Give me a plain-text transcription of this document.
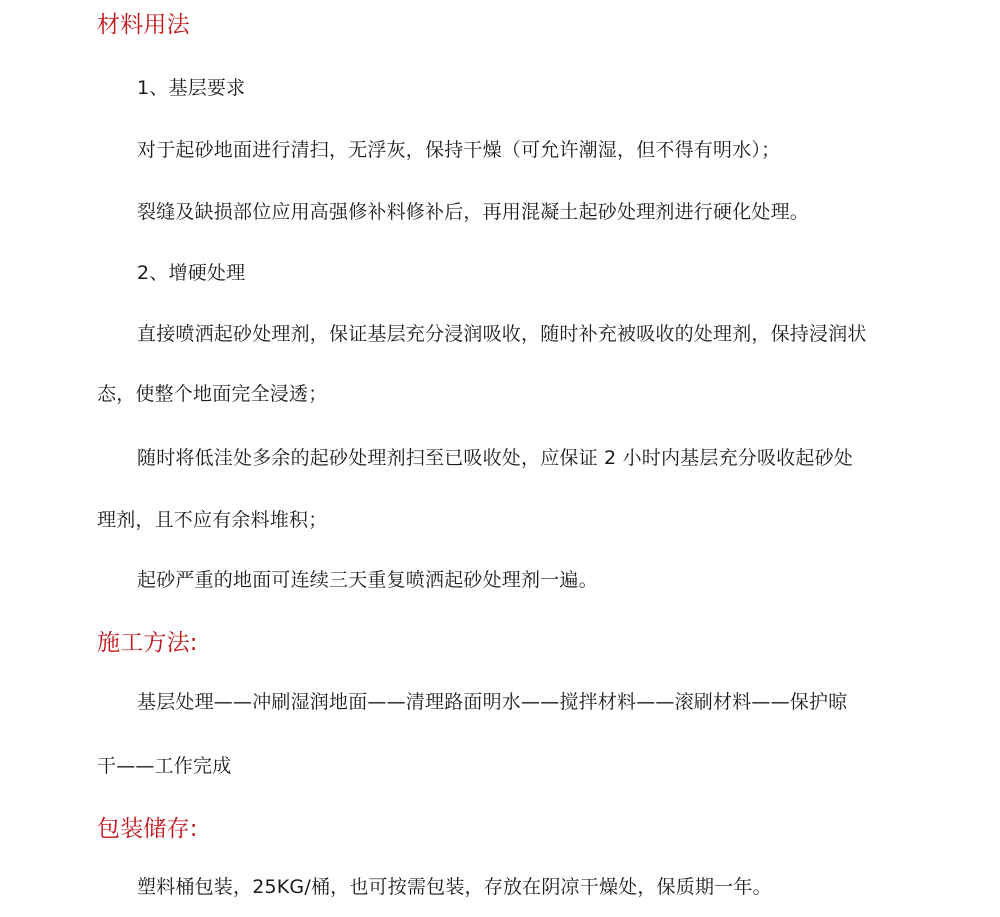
材料用法
1、基层要求
对于起砂地面进行清扫，无浮灰，保持干燥（可允许潮湿，但不得有明水）；
裂缝及缺损部位应用高强修补料修补后，再用混凝土起砂处理剂进行硬化处理。
2、增硬处理
直接喷洒起砂处理剂，保证基层充分浸润吸收，随时补充被吸收的处理剂，保持浸润状
态，使整个地面完全浸透；
随时将低洼处多余的起砂处理剂扫至已吸收处，应保证 2 小时内基层充分吸收起砂处
理剂，且不应有余料堆积；
起砂严重的地面可连续三天重复喷洒起砂处理剂一遍。
施工方法:
基层处理——冲刷湿润地面——清理路面明水——搅拌材料——滚刷材料——保护晾
干——工作完成
包装储存:
塑料桶包装，25KG/桶，也可按需包装，存放在阴凉干燥处，保质期一年。
